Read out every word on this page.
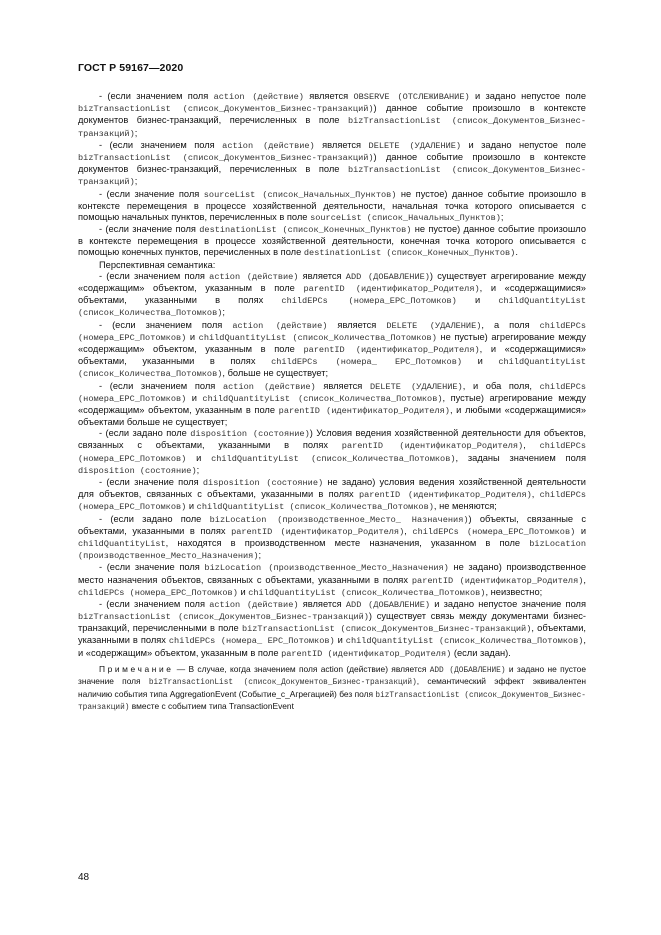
ГОСТ Р 59167—2020

- (если значением поля action (действие) является OBSERVE (ОТСЛЕЖИВАНИЕ) и задано непустое поле bizTransactionList (список_Документов_Бизнес-транзакций)) данное событие произошло в контексте документов бизнес-транзакций, перечисленных в поле bizTransactionList (список_Документов_Бизнес-транзакций);

- (если значением поля action (действие) является DELETE (УДАЛЕНИЕ) и задано непустое поле bizTransactionList (список_Документов_Бизнес-транзакций)) данное событие произошло в контексте документов бизнес-транзакций, перечисленных в поле bizTransactionList (список_Документов_Бизнес-транзакций);

- (если значение поля sourceList (список_Начальных_Пунктов) не пустое) данное событие произошло в контексте перемещения в процессе хозяйственной деятельности, начальная точка которого описывается с помощью начальных пунктов, перечисленных в поле sourceList (список_Начальных_Пунктов);

- (если значение поля destinationList (список_Конечных_Пунктов) не пустое) данное событие произошло в контексте перемещения в процессе хозяйственной деятельности, конечная точка которого описывается с помощью конечных пунктов, перечисленных в поле destinationList (список_Конечных_Пунктов).

Перспективная семантика:

- (если значением поля action (действие) является ADD (ДОБАВЛЕНИЕ)) существует агрегирование между «содержащим» объектом, указанным в поле parentID (идентификатор_Родителя), и «содержащимися» объектами, указанными в полях childEPCs (номера_EPC_Потомков) и childQuantityList (список_Количества_Потомков);

- (если значением поля action (действие) является DELETE (УДАЛЕНИЕ), а поля childEPCs (номера_EPC_Потомков) и childQuantityList (список_Количества_Потомков) не пустые) агрегирование между «содержащим» объектом, указанным в поле parentID (идентификатор_Родителя), и «содержащимися» объектами, указанными в полях childEPCs (номера_ EPC_Потомков) и childQuantityList (список_Количества_Потомков), больше не существует;

- (если значением поля action (действие) является DELETE (УДАЛЕНИЕ), и оба поля, childEPCs (номера_EPC_Потомков) и childQuantityList (список_Количества_Потомков), пустые) агрегирование между «содержащим» объектом, указанным в поле parentID (идентификатор_Родителя), и любыми «содержащимися» объектами больше не существует;

- (если задано поле disposition (состояние)) Условия ведения хозяйственной деятельности для объектов, связанных с объектами, указанными в полях parentID (идентификатор_Родителя), childEPCs (номера_EPC_Потомков) и childQuantityList (список_Количества_Потомков), заданы значением поля disposition (состояние);

- (если значение поля disposition (состояние) не задано) условия ведения хозяйственной деятельности для объектов, связанных с объектами, указанными в полях parentID (идентификатор_Родителя), childEPCs (номера_EPC_Потомков) и childQuantityList (список_Количества_Потомков), не меняются;

- (если задано поле bizLocation (производственное_Место_ Назначения)) объекты, связанные с объектами, указанными в полях parentID (идентификатор_Родителя), childEPCs (номера_EPC_Потомков) и childQuantityList, находятся в производственном месте назначения, указанном в поле bizLocation (производственное_Место_Назначения);

- (если значение поля bizLocation (производственное_Место_Назначения) не задано) производственное место назначения объектов, связанных с объектами, указанными в полях parentID (идентификатор_Родителя), childEPCs (номера_EPC_Потомков) и childQuantityList (список_Количества_Потомков), неизвестно;

- (если значением поля action (действие) является ADD (ДОБАВЛЕНИЕ) и задано непустое значение поля bizTransactionList (список_Документов_Бизнес-транзакций)) существует связь между документами бизнес-транзакций, перечисленными в поле bizTransactionList (список_Документов_Бизнес-транзакций), объектами, указанными в полях childEPCs (номера_ EPC_Потомков) и childQuantityList (список_Количества_Потомков), и «содержащим» объектом, указанным в поле parentID (идентификатор_Родителя) (если задан).

Примечание — В случае, когда значением поля action (действие) является ADD (ДОБАВЛЕНИЕ) и задано не пустое значение поля bizTransactionList (список_Документов_Бизнес-транзакций), семантический эффект эквивалентен наличию события типа AggregationEvent (Событие_с_Агрегацией) без поля bizTransactionList (список_Документов_Бизнес-транзакций) вместе с событием типа TransactionEvent

48
